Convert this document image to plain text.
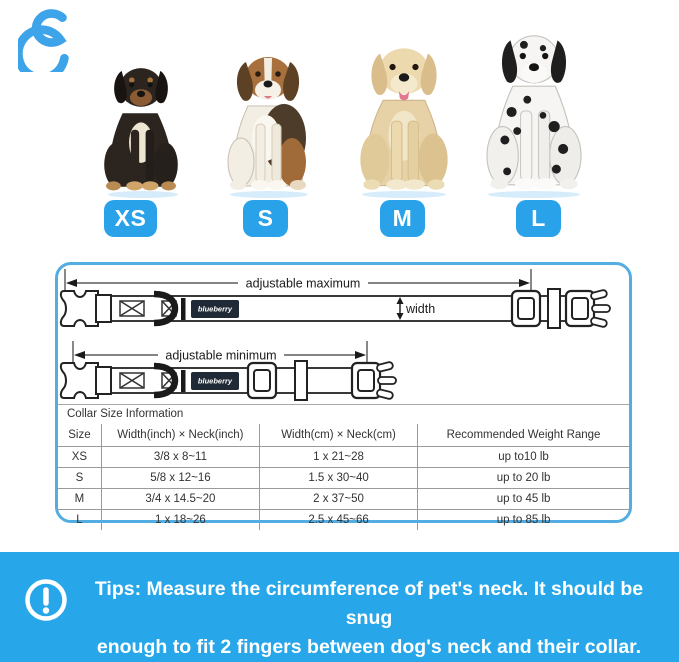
XS	S	M	L
adjustable maximum
blueberry	width
adjustable minimum
blueberry
Collar Size Information
Size	Width(inch) × Neck(inch)	Width(cm) × Neck(cm)	Recommended Weight Range
XS	3/8 x 8~11	1 x 21~28	up to10 lb
S	5/8 x 12~16	1.5 x 30~40	up to 20 lb
M	3/4 x 14.5~20	2 x 37~50	up to 45 lb
L	1 x 18~26	2.5 x 45~66	up to 85 lb
Tips: Measure the circumference of pet's neck. It should be snug
enough to fit 2 fingers between dog's neck and their collar.
